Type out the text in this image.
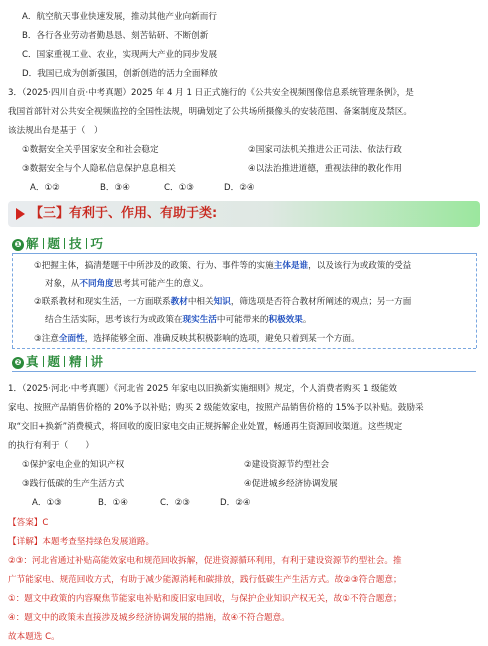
A．航空航天事业快速发展，推动其他产业向新而行
B．各行各业劳动者勤恳恳、刻苦钻研、不断创新
C．国家重视工业、农业，实现两大产业的同步发展
D．我国已成为创新强国，创新创造的活力全面释放
3．（2025·四川自贡·中考真题）2025 年 4 月 1 日正式施行的《公共安全视频图像信息系统管理条例》，是
我国首部针对公共安全视频监控的全国性法规，明确划定了公共场所摄像头的安装范围、备案制度及禁区。
该法规出台是基于（　）
①数据安全关乎国家安全和社会稳定	②国家司法机关推进公正司法、依法行政
③数据安全与个人隐私信息保护息息相关	④以法治推进道德，重视法律的教化作用
A．①②	B．③④	C．①③	D．②④
【三】有利于、作用、有助于类:
❶ 解 题 技 巧
①把握主体，搞清楚题干中所涉及的政策、行为、事件等的实施主体是谁，以及该行为或政策的受益
对象，从不同角度思考其可能产生的意义。
②联系教材和现实生活，一方面联系教材中相关知识，筛选项是否符合教材所阐述的观点；另一方面
结合生活实际，思考该行为或政策在现实生活中可能带来的积极效果。
③注意全面性，选择能够全面、准确反映其积极影响的选项，避免只着到某一个方面。
❷ 真 题 精 讲
1．（2025·河北·中考真题）《河北省 2025 年家电以旧换新实施细则》规定，个人消费者购买 1 级能效
家电、按照产品销售价格的 20%予以补贴；购买 2 级能效家电，按照产品销售价格的 15%予以补贴。鼓励采
取“交旧+换新”消费模式，将回收的废旧家电交由正规拆解企业处置，畅通再生资源回收渠道。这些规定
的执行有利于（　　）
①保护家电企业的知识产权	②建设资源节约型社会
③践行低碳的生产生活方式	④促进城乡经济协调发展
A．①③	B．①④	C．②③	D．②④
【答案】C
【详解】本题考查坚持绿色发展道路。
②③：河北省通过补贴高能效家电和规范回收拆解，促进资源循环利用，有利于建设资源节约型社会。推
广节能家电、规范回收方式，有助于减少能源消耗和碳排放，践行低碳生产生活方式。故②③符合题意；
①：题文中政策的内容聚焦节能家电补贴和废旧家电回收，与保护企业知识产权无关，故①不符合题意；
④：题文中的政策未直接涉及城乡经济协调发展的措施，故④不符合题意。
故本题选 C。
